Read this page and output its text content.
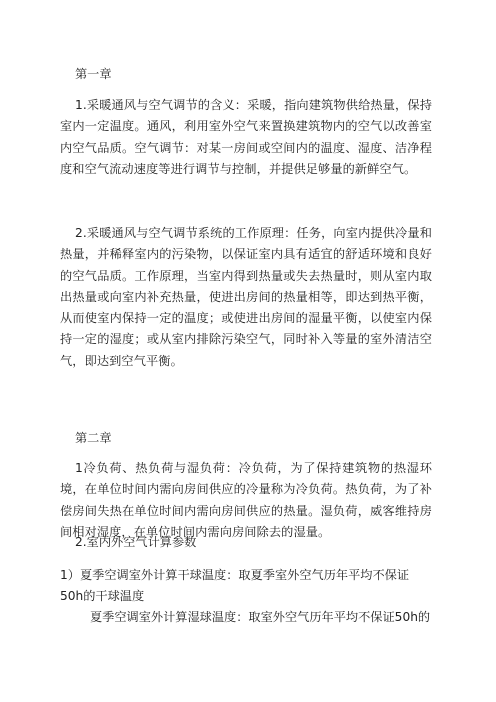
第一章
1.采暖通风与空气调节的含义：采暖，指向建筑物供给热量，保持室内一定温度。通风，利用室外空气来置换建筑物内的空气以改善室内空气品质。空气调节：对某一房间或空间内的温度、湿度、洁净程度和空气流动速度等进行调节与控制，并提供足够量的新鲜空气。
2.采暖通风与空气调节系统的工作原理：任务，向室内提供冷量和热量，并稀释室内的污染物，以保证室内具有适宜的舒适环境和良好的空气品质。工作原理，当室内得到热量或失去热量时，则从室内取出热量或向室内补充热量，使进出房间的热量相等，即达到热平衡，从而使室内保持一定的温度；或使进出房间的湿量平衡，以使室内保持一定的湿度；或从室内排除污染空气，同时补入等量的室外清洁空气，即达到空气平衡。
第二章
1冷负荷、热负荷与湿负荷：冷负荷，为了保持建筑物的热湿环境，在单位时间内需向房间供应的冷量称为冷负荷。热负荷，为了补偿房间失热在单位时间内需向房间供应的热量。湿负荷，威客维持房间相对湿度，在单位时间内需向房间除去的湿量。
2.室内外空气计算参数
1）夏季空调室外计算干球温度：取夏季室外空气历年平均不保证
50h的干球温度
夏季空调室外计算湿球温度：取室外空气历年平均不保证50h的
